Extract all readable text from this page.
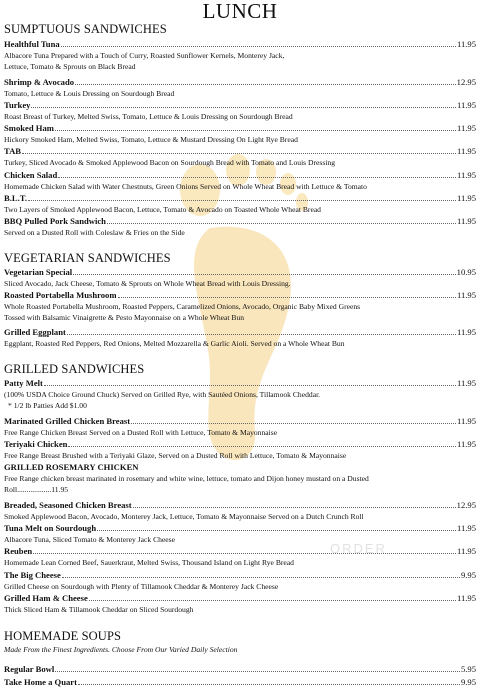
LUNCH
SUMPTUOUS SANDWICHES
Healthful Tuna	11.95
Albacore Tuna Prepared with a Touch of Curry, Roasted Sunflower Kernels, Monterey Jack,
Lettuce, Tomato & Sprouts on Black Bread
Shrimp & Avocado	12.95
Tomato, Lettuce & Louis Dressing on Sourdough Bread
Turkey	11.95
Roast Breast of Turkey, Melted Swiss, Tomato, Lettuce & Louis Dressing on Sourdough Bread
Smoked Ham	11.95
Hickory Smoked Ham, Melted Swiss, Tomato, Lettuce & Mustard Dressing On Light Rye Bread
TAB	11.95
Turkey, Sliced Avocado & Smoked Applewood Bacon on Sourdough Bread with Tomato and Louis Dressing
Chicken Salad	11.95
Homemade Chicken Salad with Water Chestnuts, Green Onions Served on Whole Wheat Bread with Lettuce & Tomato
B.L.T.	11.95
Two Layers of Smoked Applewood Bacon, Lettuce, Tomato & Avocado on Toasted Whole Wheat Bread
BBQ Pulled Pork Sandwich	11.95
Served on a Dusted Roll with Coleslaw & Fries on the Side
VEGETARIAN SANDWICHES
Vegetarian Special	10.95
Sliced Avocado, Jack Cheese, Tomato & Sprouts on Whole Wheat Bread with Louis Dressing.
Roasted Portabella Mushroom	11.95
Whole Roasted Portabella Mushroom, Roasted Peppers, Caramelized Onions, Avocado, Organic Baby Mixed Greens
Tossed with Balsamic Vinaigrette & Pesto Mayonnaise on a Whole Wheat Bun
Grilled Eggplant	11.95
Eggplant, Roasted Red Peppers, Red Onions, Melted Mozzarella & Garlic Aioli. Served on a Whole Wheat Bun
GRILLED SANDWICHES
Patty Melt	11.95
(100% USDA Choice Ground Chuck) Served on Grilled Rye, with Sautéed Onions, Tillamook Cheddar.
* 1/2 lb Patties Add $1.00
Marinated Grilled Chicken Breast	11.95
Free Range Chicken Breast Served on a Dusted Roll with Lettuce, Tomato & Mayonnaise
Teriyaki Chicken	11.95
Free Range Breast Brushed with a Teriyaki Glaze, Served on a Dusted Roll with Lettuce, Tomato & Mayonnaise
GRILLED ROSEMARY CHICKEN
Free Range chicken breast marinated in rosemary and white wine, lettuce, tomato and Dijon honey mustard on a Dusted
Roll..................11.95
Breaded, Seasoned Chicken Breast	12.95
Smoked Applewood Bacon, Avocado, Monterey Jack, Lettuce, Tomato & Mayonnaise Served on a Dutch Crunch Roll
Tuna Melt on Sourdough	11.95
Albacore Tuna, Sliced Tomato & Monterey Jack Cheese
Reuben	11.95
Homemade Lean Corned Beef, Sauerkraut, Melted Swiss, Thousand Island on Light Rye Bread
The Big Cheese	9.95
Grilled Cheese on Sourdough with Plenty of Tillamook Cheddar & Monterey Jack Cheese
Grilled Ham & Cheese	11.95
Thick Sliced Ham & Tillamook Cheddar on Sliced Sourdough
HOMEMADE SOUPS
Made From the Finest Ingredients. Choose From Our Varied Daily Selection
Regular Bowl	5.95
Take Home a Quart	9.95
ORDER
